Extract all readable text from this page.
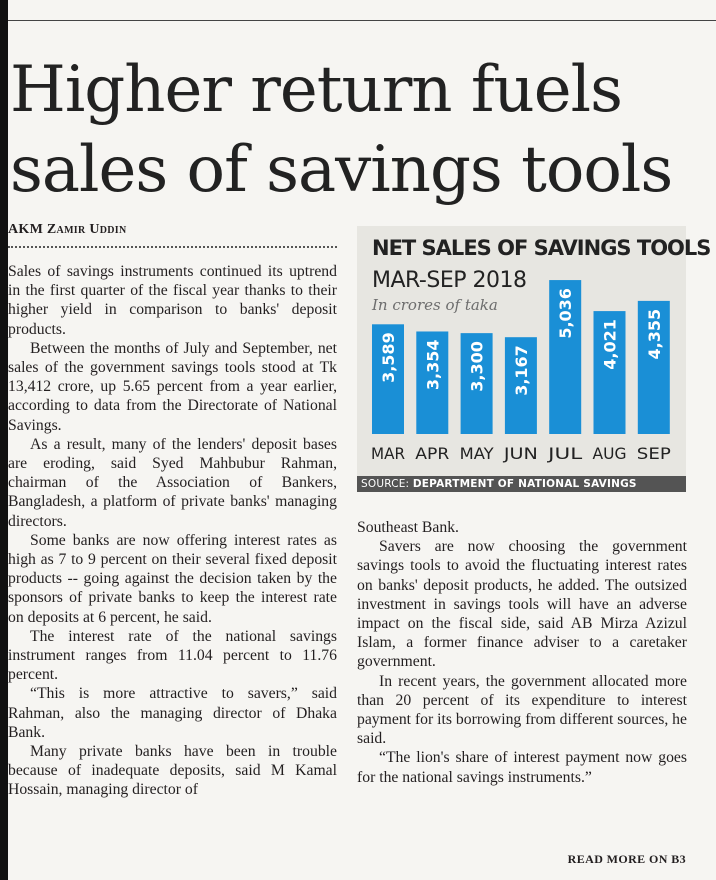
Higher return fuels sales of savings tools
AKM Zamir Uddin

Sales of savings instruments continued its uptrend in the first quarter of the fiscal year thanks to their higher yield in comparison to banks' deposit products.

Between the months of July and September, net sales of the government savings tools stood at Tk 13,412 crore, up 5.65 percent from a year earlier, according to data from the Directorate of National Savings.

As a result, many of the lenders' deposit bases are eroding, said Syed Mahbubur Rahman, chairman of the Association of Bankers, Bangladesh, a platform of private banks' managing directors.

Some banks are now offering interest rates as high as 7 to 9 percent on their several fixed deposit products -- going against the decision taken by the sponsors of private banks to keep the interest rate on deposits at 6 percent, he said.

The interest rate of the national savings instrument ranges from 11.04 percent to 11.76 percent.

“This is more attractive to savers,” said Rahman, also the managing director of Dhaka Bank.

Many private banks have been in trouble because of inadequate deposits, said M Kamal Hossain, managing director of

NET SALES OF SAVINGS TOOLS
MAR-SEP 2018
In crores of taka
3,589
MAR
3,354
APR
3,300
MAY
3,167
JUN
5,036
JUL
4,021
AUG
4,355
SEP
SOURCE: DEPARTMENT OF NATIONAL SAVINGS

Southeast Bank.

Savers are now choosing the government savings tools to avoid the fluctuating interest rates on banks' deposit products, he added. The outsized investment in savings tools will have an adverse impact on the fiscal side, said AB Mirza Azizul Islam, a former finance adviser to a caretaker government.

In recent years, the government allocated more than 20 percent of its expenditure to interest payment for its borrowing from different sources, he said.

“The lion's share of interest payment now goes for the national savings instruments.”

READ MORE ON B3
